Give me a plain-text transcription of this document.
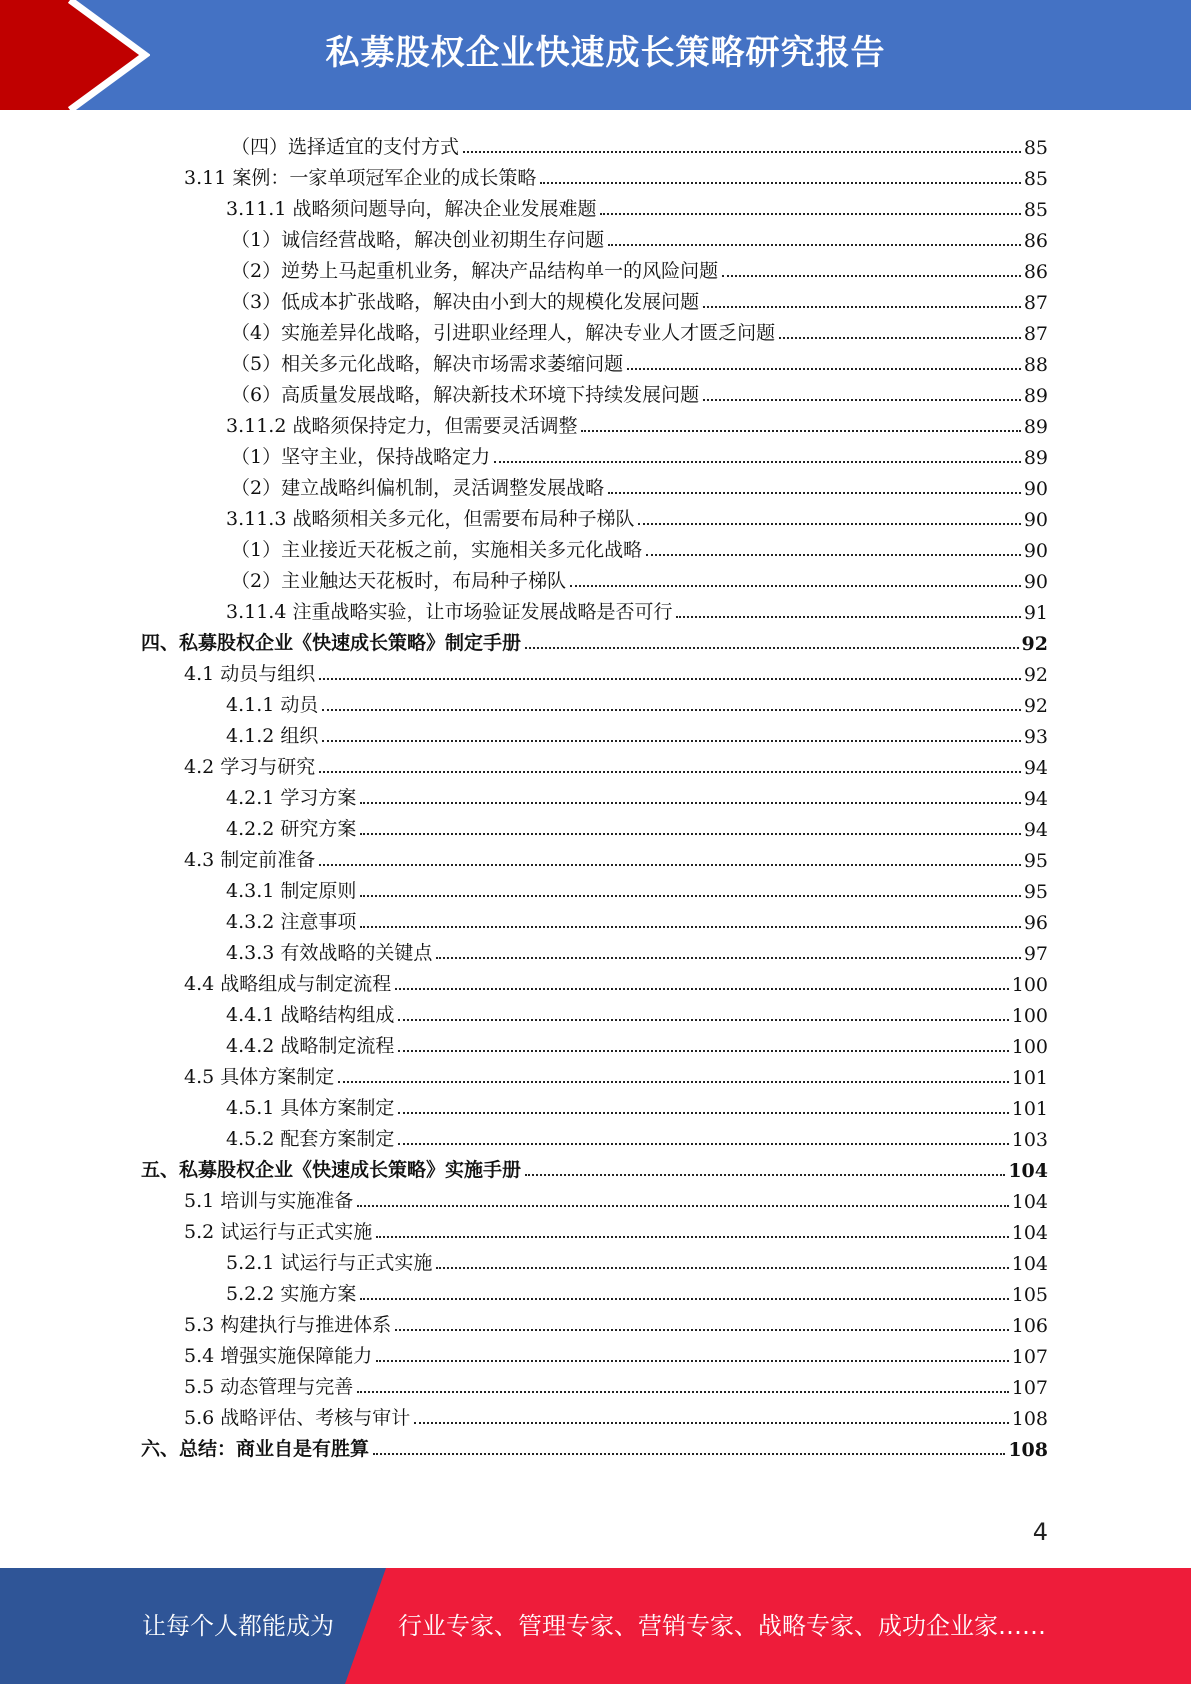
私募股权企业快速成长策略研究报告
（四）选择适宜的支付方式	85
3.11 案例：一家单项冠军企业的成长策略	85
3.11.1 战略须问题导向，解决企业发展难题	85
（1）诚信经营战略，解决创业初期生存问题	86
（2）逆势上马起重机业务，解决产品结构单一的风险问题	86
（3）低成本扩张战略，解决由小到大的规模化发展问题	87
（4）实施差异化战略，引进职业经理人，解决专业人才匮乏问题	87
（5）相关多元化战略，解决市场需求萎缩问题	88
（6）高质量发展战略，解决新技术环境下持续发展问题	89
3.11.2 战略须保持定力，但需要灵活调整	89
（1）坚守主业，保持战略定力	89
（2）建立战略纠偏机制，灵活调整发展战略	90
3.11.3 战略须相关多元化，但需要布局种子梯队	90
（1）主业接近天花板之前，实施相关多元化战略	90
（2）主业触达天花板时，布局种子梯队	90
3.11.4 注重战略实验，让市场验证发展战略是否可行	91
四、私募股权企业《快速成长策略》制定手册	92
4.1 动员与组织	92
4.1.1 动员	92
4.1.2 组织	93
4.2 学习与研究	94
4.2.1 学习方案	94
4.2.2 研究方案	94
4.3 制定前准备	95
4.3.1 制定原则	95
4.3.2 注意事项	96
4.3.3 有效战略的关键点	97
4.4 战略组成与制定流程	100
4.4.1 战略结构组成	100
4.4.2 战略制定流程	100
4.5 具体方案制定	101
4.5.1 具体方案制定	101
4.5.2 配套方案制定	103
五、私募股权企业《快速成长策略》实施手册	104
5.1 培训与实施准备	104
5.2 试运行与正式实施	104
5.2.1 试运行与正式实施	104
5.2.2 实施方案	105
5.3 构建执行与推进体系	106
5.4 增强实施保障能力	107
5.5 动态管理与完善	107
5.6 战略评估、考核与审计	108
六、总结：商业自是有胜算	108
4
让每个人都能成为	行业专家、管理专家、营销专家、战略专家、成功企业家……
